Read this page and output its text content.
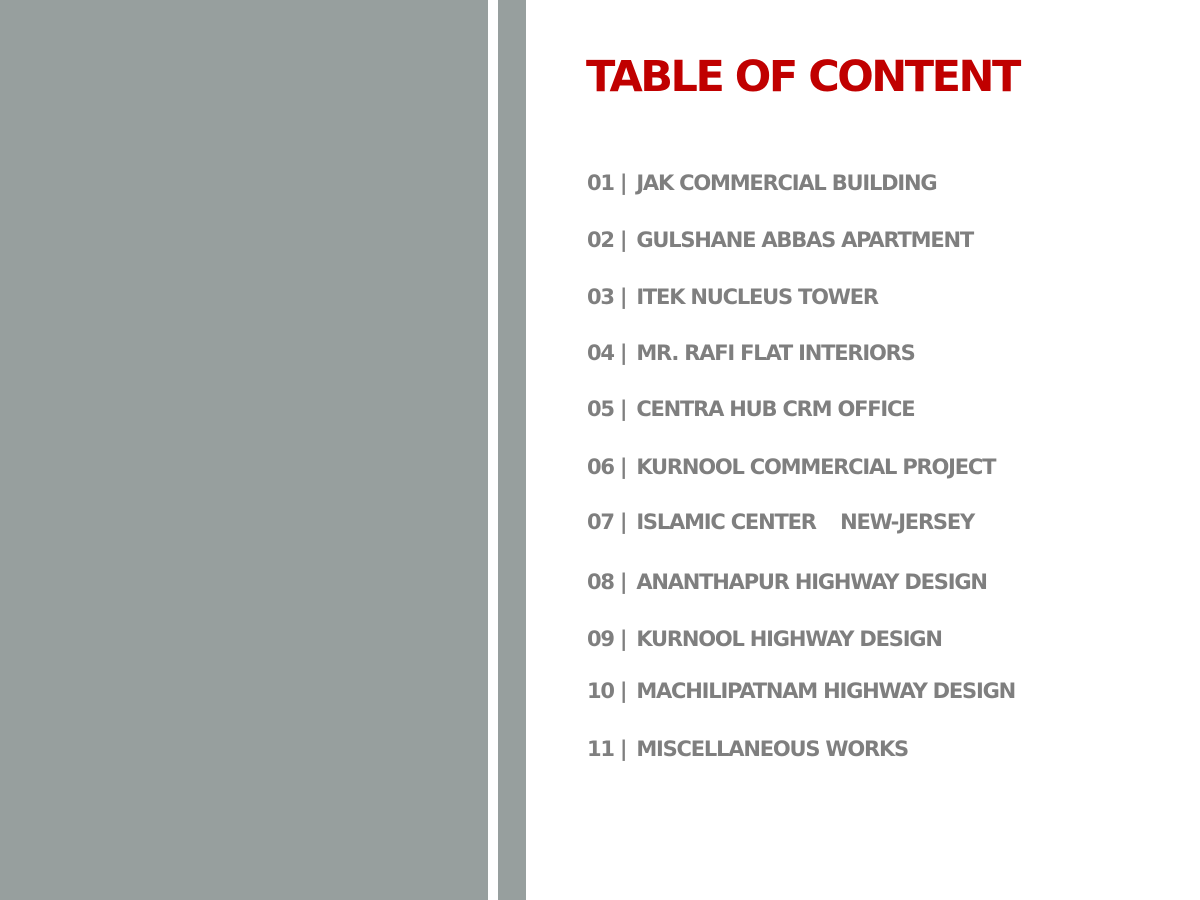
TABLE OF CONTENT
01 | JAK COMMERCIAL BUILDING
02 | GULSHANE ABBAS APARTMENT
03 | ITEK NUCLEUS TOWER
04 | MR. RAFI FLAT INTERIORS
05 | CENTRA HUB CRM OFFICE
06 | KURNOOL COMMERCIAL PROJECT
07 | ISLAMIC CENTER    NEW-JERSEY
08 | ANANTHAPUR HIGHWAY DESIGN
09 | KURNOOL HIGHWAY DESIGN
10 | MACHILIPATNAM HIGHWAY DESIGN
11 | MISCELLANEOUS WORKS
